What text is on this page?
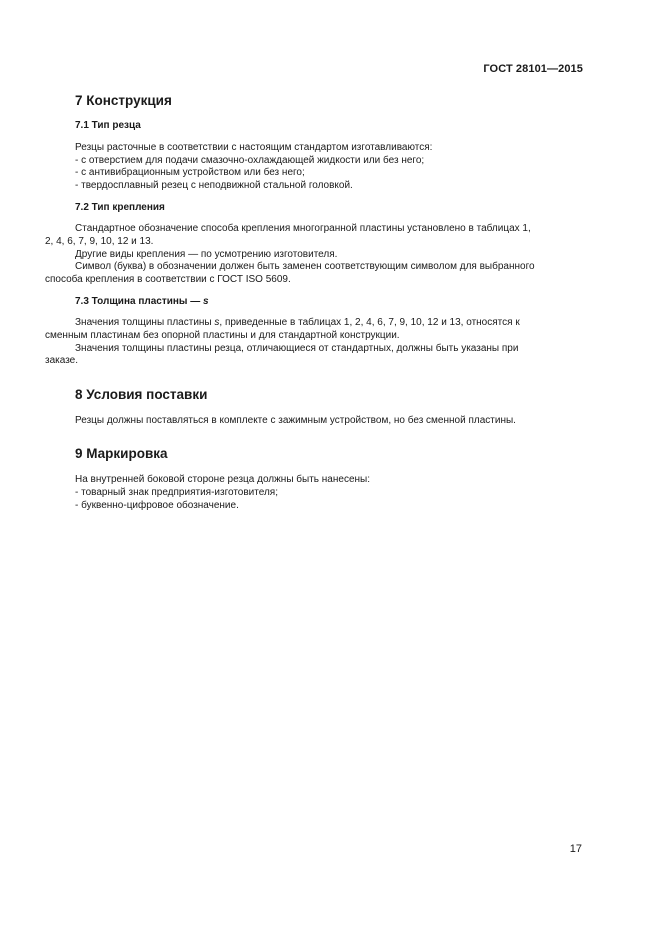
ГОСТ 28101—2015
7 Конструкция
7.1 Тип резца

Резцы расточные в соответствии с настоящим стандартом изготавливаются:

- с отверстием для подачи смазочно-охлаждающей жидкости или без него;

- с антивибрационным устройством или без него;

- твердосплавный резец с неподвижной стальной головкой.

7.2 Тип крепления

Стандартное обозначение способа крепления многогранной пластины установлено в таблицах 1,

2, 4, 6, 7, 9, 10, 12 и 13.

Другие виды крепления — по усмотрению изготовителя.

Символ (буква) в обозначении должен быть заменен соответствующим символом для выбранного

способа крепления в соответствии с ГОСТ ISO 5609.

7.3 Толщина пластины — s

Значения толщины пластины s, приведенные в таблицах 1, 2, 4, 6, 7, 9, 10, 12 и 13, относятся к

сменным пластинам без опорной пластины и для стандартной конструкции.

Значения толщины пластины резца, отличающиеся от стандартных, должны быть указаны при

заказе.

8 Условия поставки

Резцы должны поставляться в комплекте с зажимным устройством, но без сменной пластины.

9 Маркировка

На внутренней боковой стороне резца должны быть нанесены:

- товарный знак предприятия-изготовителя;

- буквенно-цифровое обозначение.

17
